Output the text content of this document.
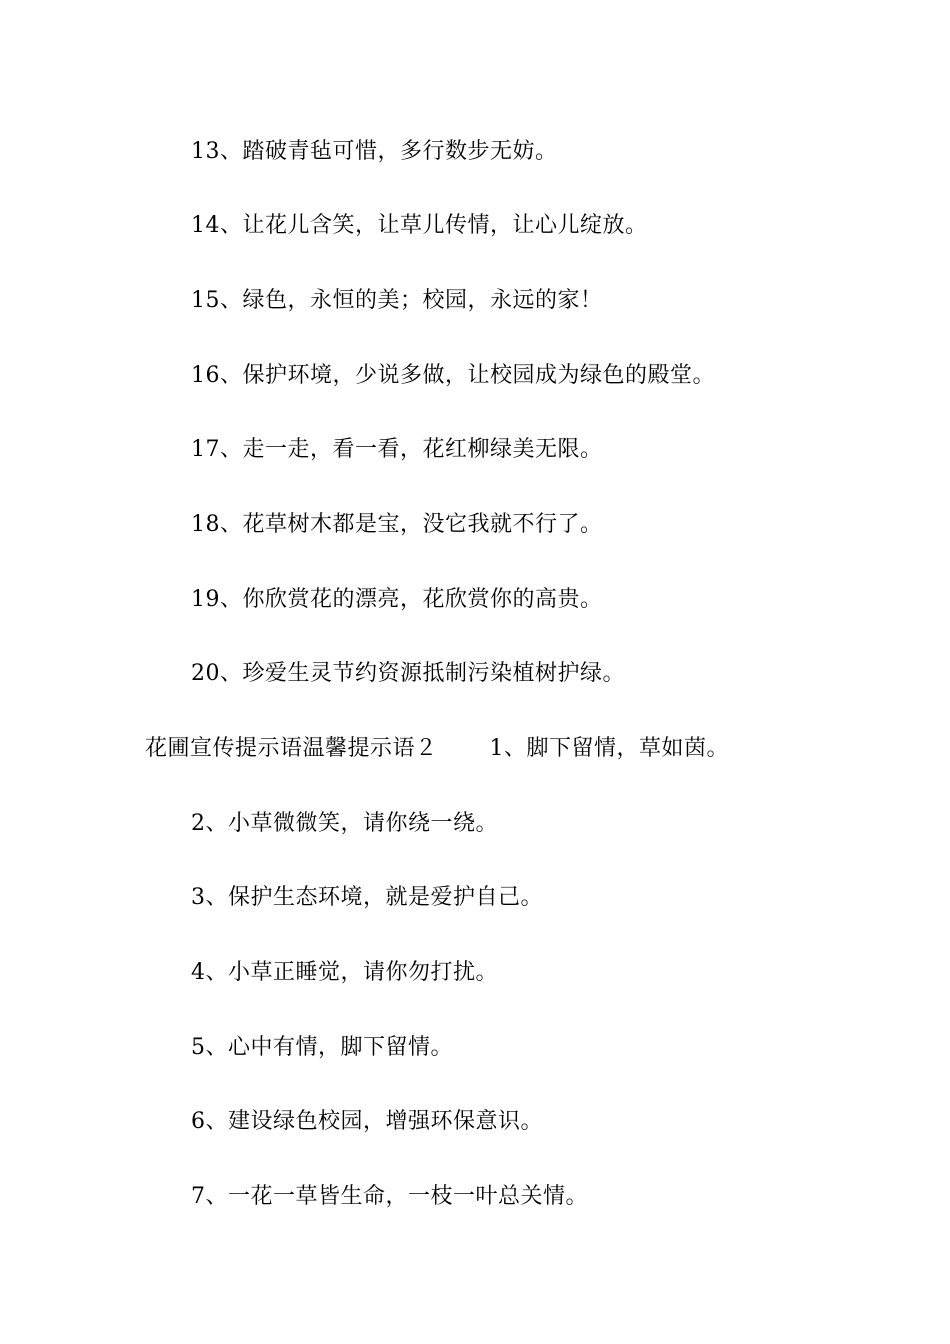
13、踏破青毡可惜，多行数步无妨。
14、让花儿含笑，让草儿传情，让心儿绽放。
15、绿色，永恒的美；校园，永远的家！
16、保护环境，少说多做，让校园成为绿色的殿堂。
17、走一走，看一看，花红柳绿美无限。
18、花草树木都是宝，没它我就不行了。
19、你欣赏花的漂亮，花欣赏你的高贵。
20、珍爱生灵节约资源抵制污染植树护绿。
花圃宣传提示语温馨提示语２ 1、脚下留情，草如茵。
2、小草微微笑，请你绕一绕。
3、保护生态环境，就是爱护自己。
4、小草正睡觉，请你勿打扰。
5、心中有情，脚下留情。
6、建设绿色校园，增强环保意识。
7、一花一草皆生命，一枝一叶总关情。
